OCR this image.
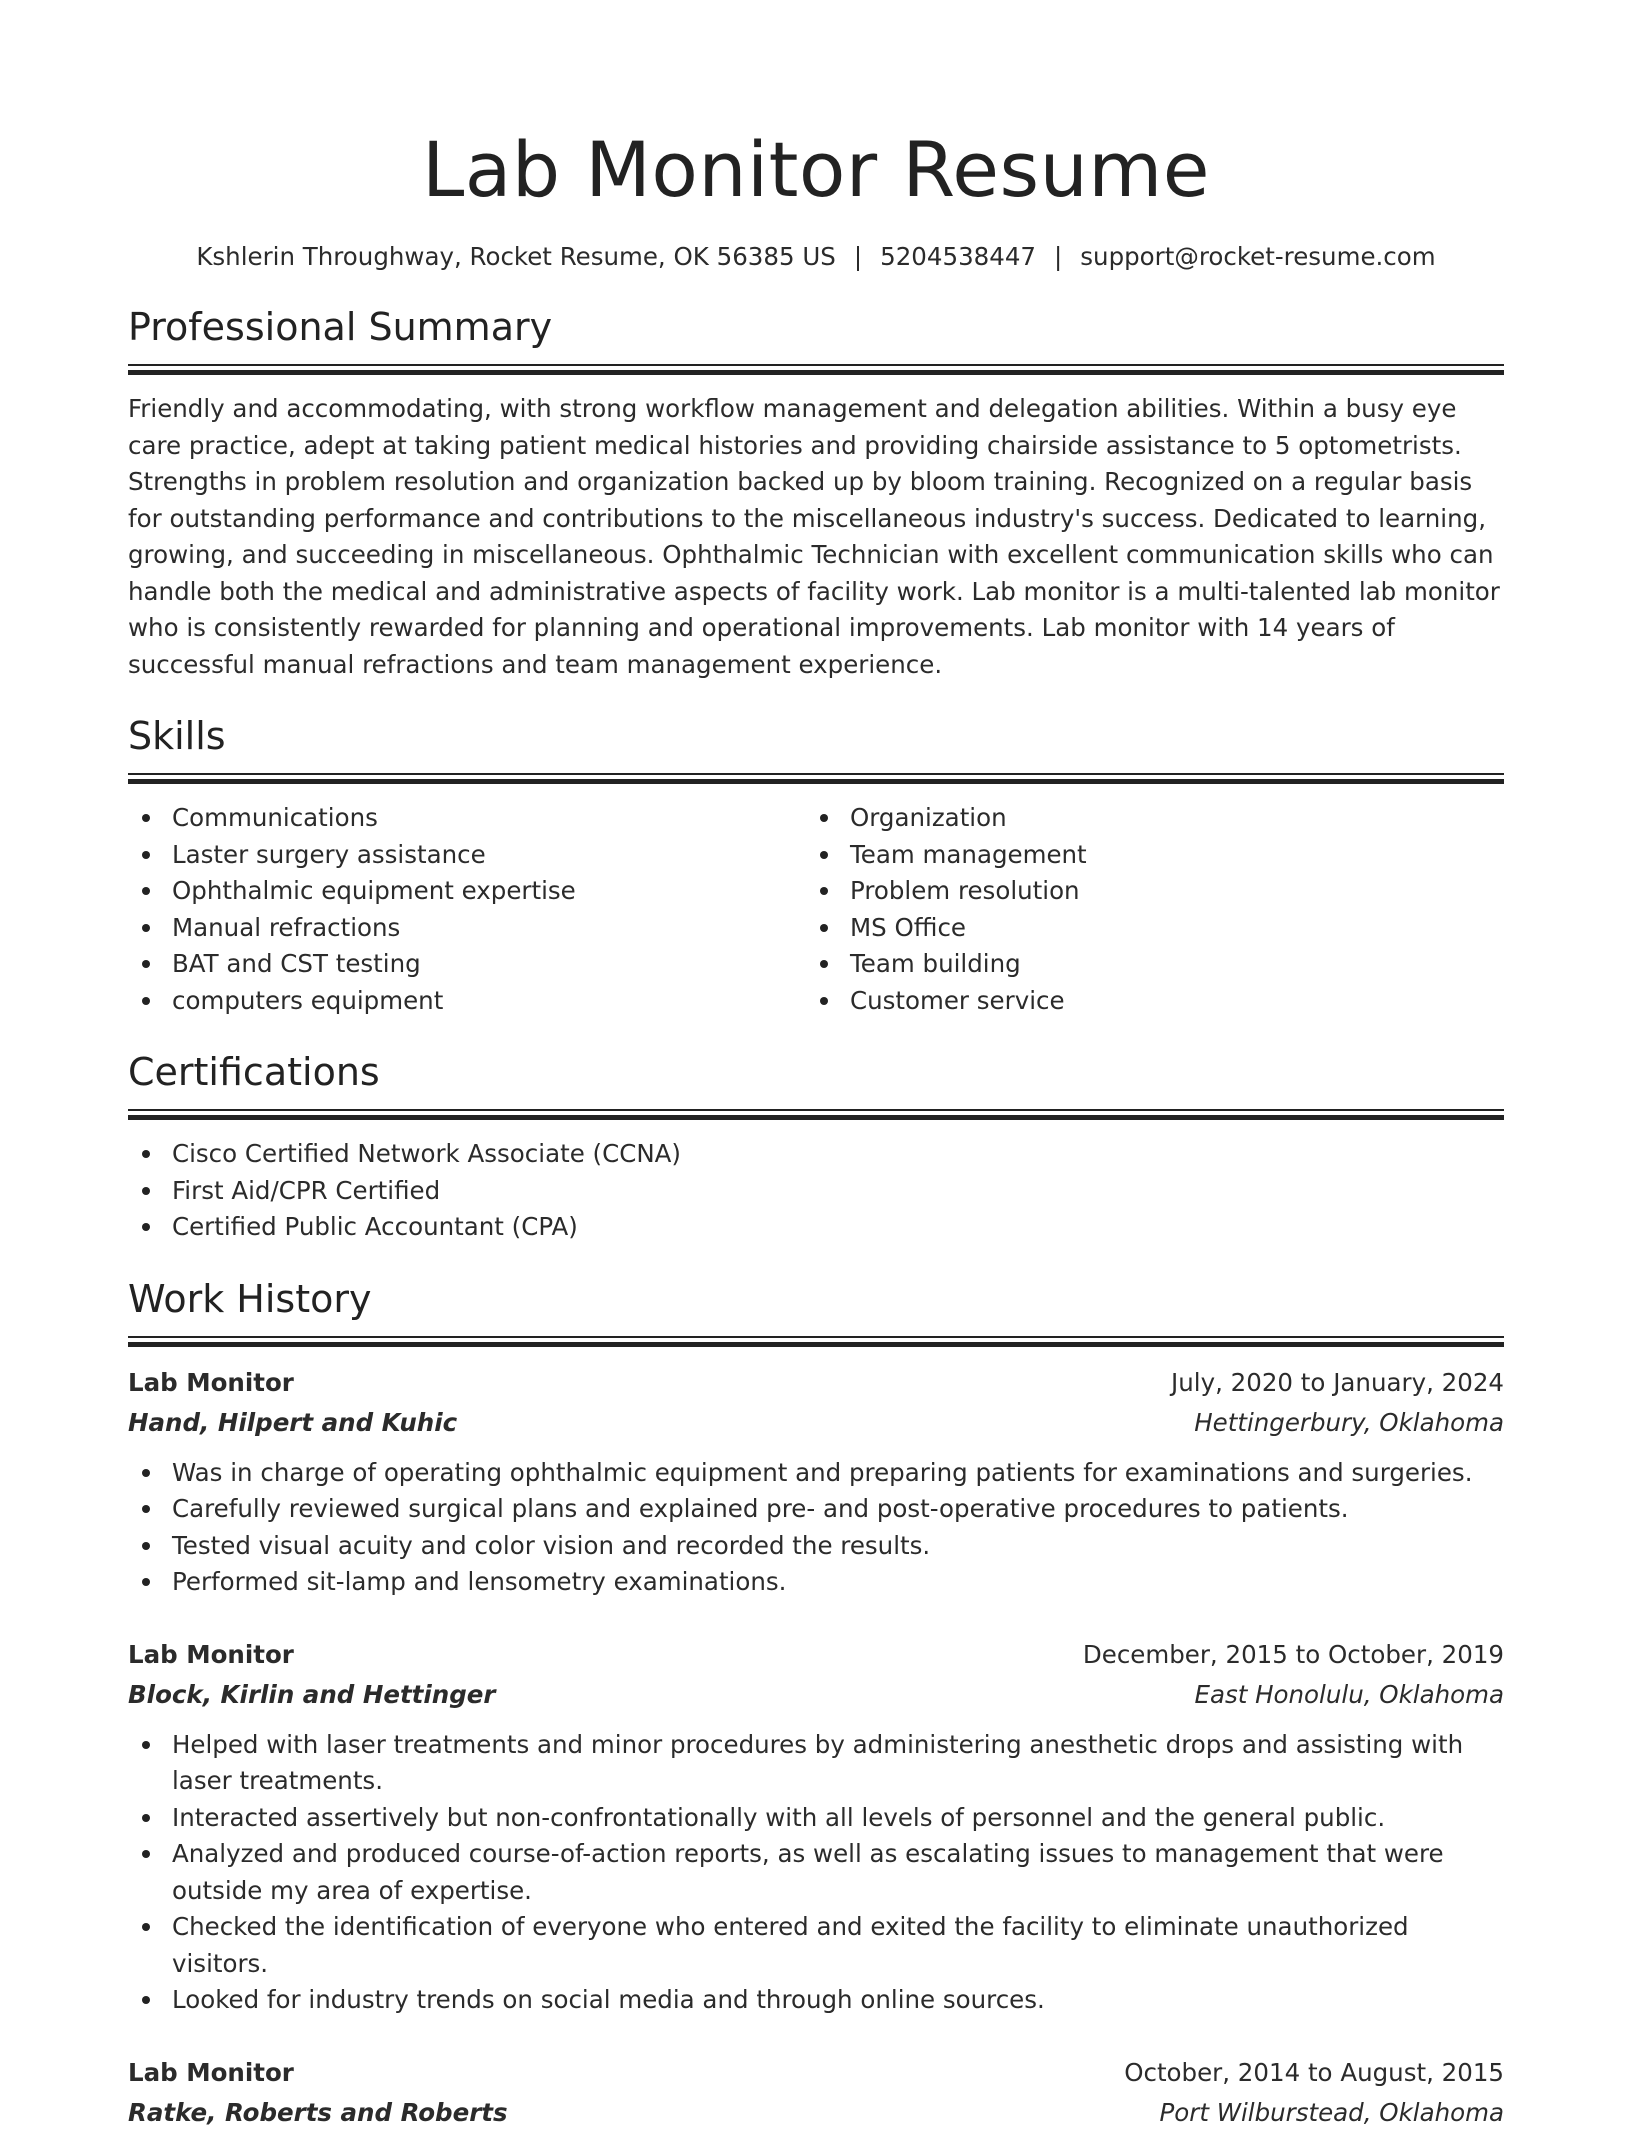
Lab Monitor Resume
Kshlerin Throughway, Rocket Resume, OK 56385 US | 5204538447 | support@rocket-resume.com
Professional Summary

Friendly and accommodating, with strong workflow management and delegation abilities. Within a busy eye care practice, adept at taking patient medical histories and providing chairside assistance to 5 optometrists. Strengths in problem resolution and organization backed up by bloom training. Recognized on a regular basis for outstanding performance and contributions to the miscellaneous industry's success. Dedicated to learning, growing, and succeeding in miscellaneous. Ophthalmic Technician with excellent communication skills who can handle both the medical and administrative aspects of facility work. Lab monitor is a multi-talented lab monitor who is consistently rewarded for planning and operational improvements. Lab monitor with 14 years of successful manual refractions and team management experience.

Skills
Communications
Laster surgery assistance
Ophthalmic equipment expertise
Manual refractions
BAT and CST testing
computers equipment
Organization
Team management
Problem resolution
MS Office
Team building
Customer service
Certifications
Cisco Certified Network Associate (CCNA)
First Aid/CPR Certified
Certified Public Accountant (CPA)
Work History
Lab Monitor	July, 2020 to January, 2024
Hand, Hilpert and Kuhic	Hettingerbury, Oklahoma
Was in charge of operating ophthalmic equipment and preparing patients for examinations and surgeries.
Carefully reviewed surgical plans and explained pre- and post-operative procedures to patients.
Tested visual acuity and color vision and recorded the results.
Performed sit-lamp and lensometry examinations.
Lab Monitor	December, 2015 to October, 2019
Block, Kirlin and Hettinger	East Honolulu, Oklahoma
Helped with laser treatments and minor procedures by administering anesthetic drops and assisting with laser treatments.
Interacted assertively but non-confrontationally with all levels of personnel and the general public.
Analyzed and produced course-of-action reports, as well as escalating issues to management that were outside my area of expertise.
Checked the identification of everyone who entered and exited the facility to eliminate unauthorized visitors.
Looked for industry trends on social media and through online sources.
Lab Monitor	October, 2014 to August, 2015
Ratke, Roberts and Roberts	Port Wilburstead, Oklahoma
